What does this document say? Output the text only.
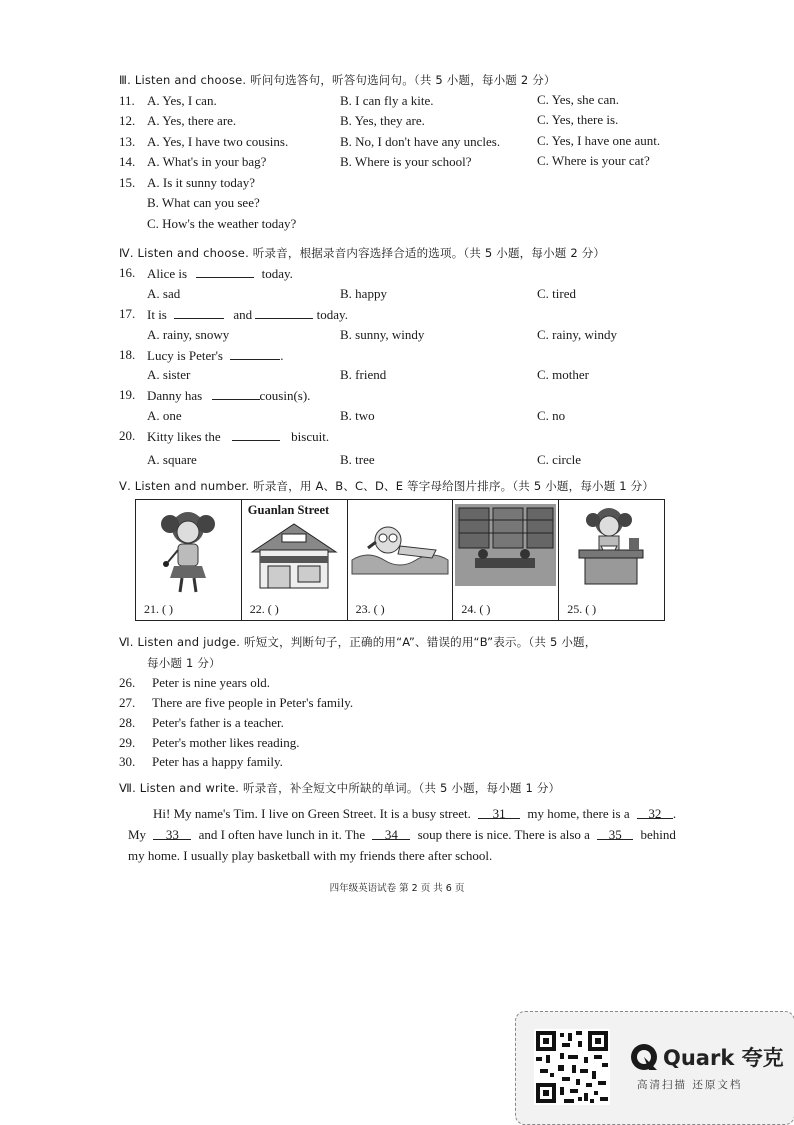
Ⅲ. Listen and choose. 听问句选答句，听答句选问句。（共 5 小题，每小题 2 分）
11. A. Yes, I can.	B. I can fly a kite.	C. Yes, she can.
12. A. Yes, there are.	B. Yes, they are.	C. Yes, there is.
13. A. Yes, I have two cousins.	B. No, I don't have any uncles.	C. Yes, I have one aunt.
14. A. What's in your bag?	B. Where is your school?	C. Where is your cat?
15. A. Is it sunny today?
B. What can you see?
C. How's the weather today?
Ⅳ. Listen and choose. 听录音，根据录音内容选择合适的选项。（共 5 小题，每小题 2 分）
16. Alice is	today.
A. sad	B. happy	C. tired
17. It is	and	today.
A. rainy, snowy	B. sunny, windy	C. rainy, windy
18. Lucy is Peter's	.
A. sister	B. friend	C. mother
19. Danny has	cousin(s).
A. one	B. two	C. no
20. Kitty likes the	biscuit.
A. square	B. tree	C. circle
Ⅴ. Listen and number. 听录音，用 A、B、C、D、E 等字母给图片排序。（共 5 小题，每小题 1 分）
21. ( )
Guanlan Street
22. ( )	23. ( )	24. ( )	25. ( )
Ⅵ. Listen and judge. 听短文，判断句子，正确的用“A”、错误的用“B”表示。（共 5 小题，
每小题 1 分）
26. Peter is nine years old.
27. There are five people in Peter's family.
28. Peter's father is a teacher.
29. Peter's mother likes reading.
30. Peter has a happy family.
Ⅶ. Listen and write. 听录音，补全短文中所缺的单词。（共 5 小题，每小题 1 分）
Hi! My name's Tim. I live on Green Street. It is a busy street. 31 my home, there is a 32 .
My 33 and I often have lunch in it. The 34 soup there is nice. There is also a 35 behind
my home. I usually play basketball with my friends there after school.
四年级英语试卷 第 2 页 共 6 页
Quark 夸克
高清扫描 还原文档
